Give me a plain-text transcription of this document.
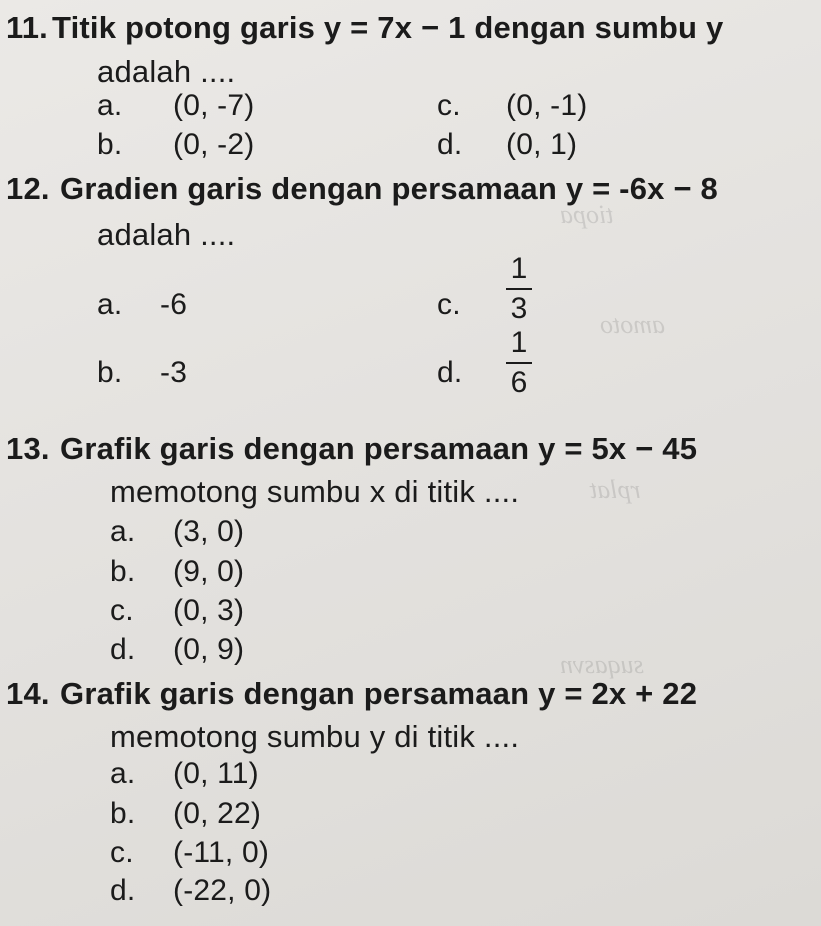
tiopa
amoto
rplat
suqasvn
11. Titik potong garis y = 7x − 1 dengan sumbu y
adalah ....
a. (0, -7)
b. (0, -2)
c. (0, -1)
d. (0, 1)
12. Gradien garis dengan persamaan y = -6x − 8
adalah ....
a. -6
b. -3
c.
1
3
d.
1
6
13. Grafik garis dengan persamaan y = 5x − 45
memotong sumbu x di titik ....
a. (3, 0)
b. (9, 0)
c. (0, 3)
d. (0, 9)
14. Grafik garis dengan persamaan y = 2x + 22
memotong sumbu y di titik ....
a. (0, 11)
b. (0, 22)
c. (-11, 0)
d. (-22, 0)
